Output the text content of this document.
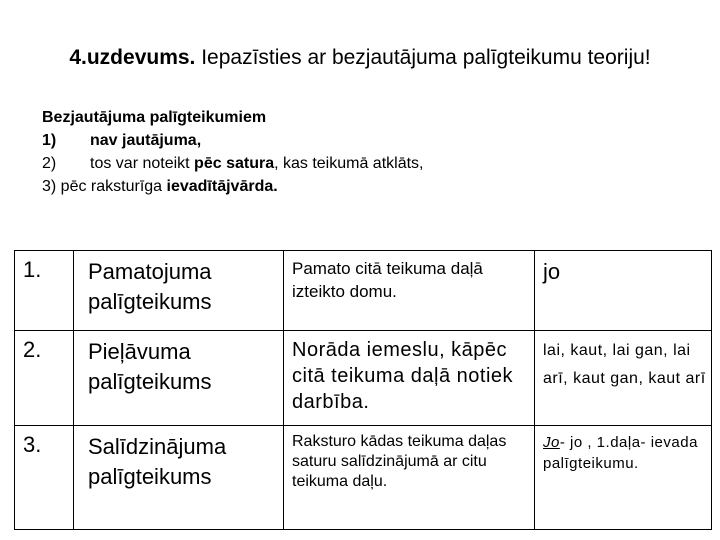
4.uzdevums. Iepazīsties ar bezjautājuma palīgteikumu teoriju!
Bezjautājuma palīgteikumiem
1)	nav jautājuma,
2)	tos var noteikt pēc satura, kas teikumā atklāts,
3) pēc raksturīga ievadītājvārda.
1.	Pamatojuma palīgteikums	Pamato citā teikuma daļā izteikto domu.	jo
2.	Pieļāvuma palīgteikums	Norāda iemeslu, kāpēc citā teikuma daļā notiek darbība.	lai, kaut, lai gan, lai arī, kaut gan, kaut arī
3.	Salīdzinājuma palīgteikums	Raksturo kādas teikuma daļas saturu salīdzinājumā ar citu teikuma daļu.	Jo- jo , 1.daļa- ievada palīgteikumu.
